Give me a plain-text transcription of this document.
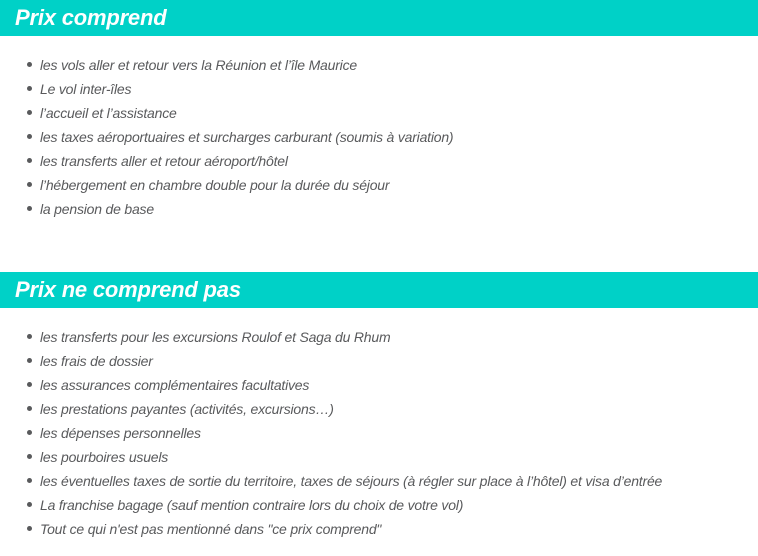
Prix comprend
les vols aller et retour vers la Réunion et l’île Maurice
Le vol inter-îles
l’accueil et l’assistance
les taxes aéroportuaires et surcharges carburant (soumis à variation)
les transferts aller et retour aéroport/hôtel
l’hébergement en chambre double pour la durée du séjour
la pension de base
Prix ne comprend pas
les transferts pour les excursions Roulof et Saga du Rhum
les frais de dossier
les assurances complémentaires facultatives
les prestations payantes (activités, excursions…)
les dépenses personnelles
les pourboires usuels
les éventuelles taxes de sortie du territoire, taxes de séjours (à régler sur place à l’hôtel) et visa d’entrée
La franchise bagage (sauf mention contraire lors du choix de votre vol)
Tout ce qui n'est pas mentionné dans "ce prix comprend"
